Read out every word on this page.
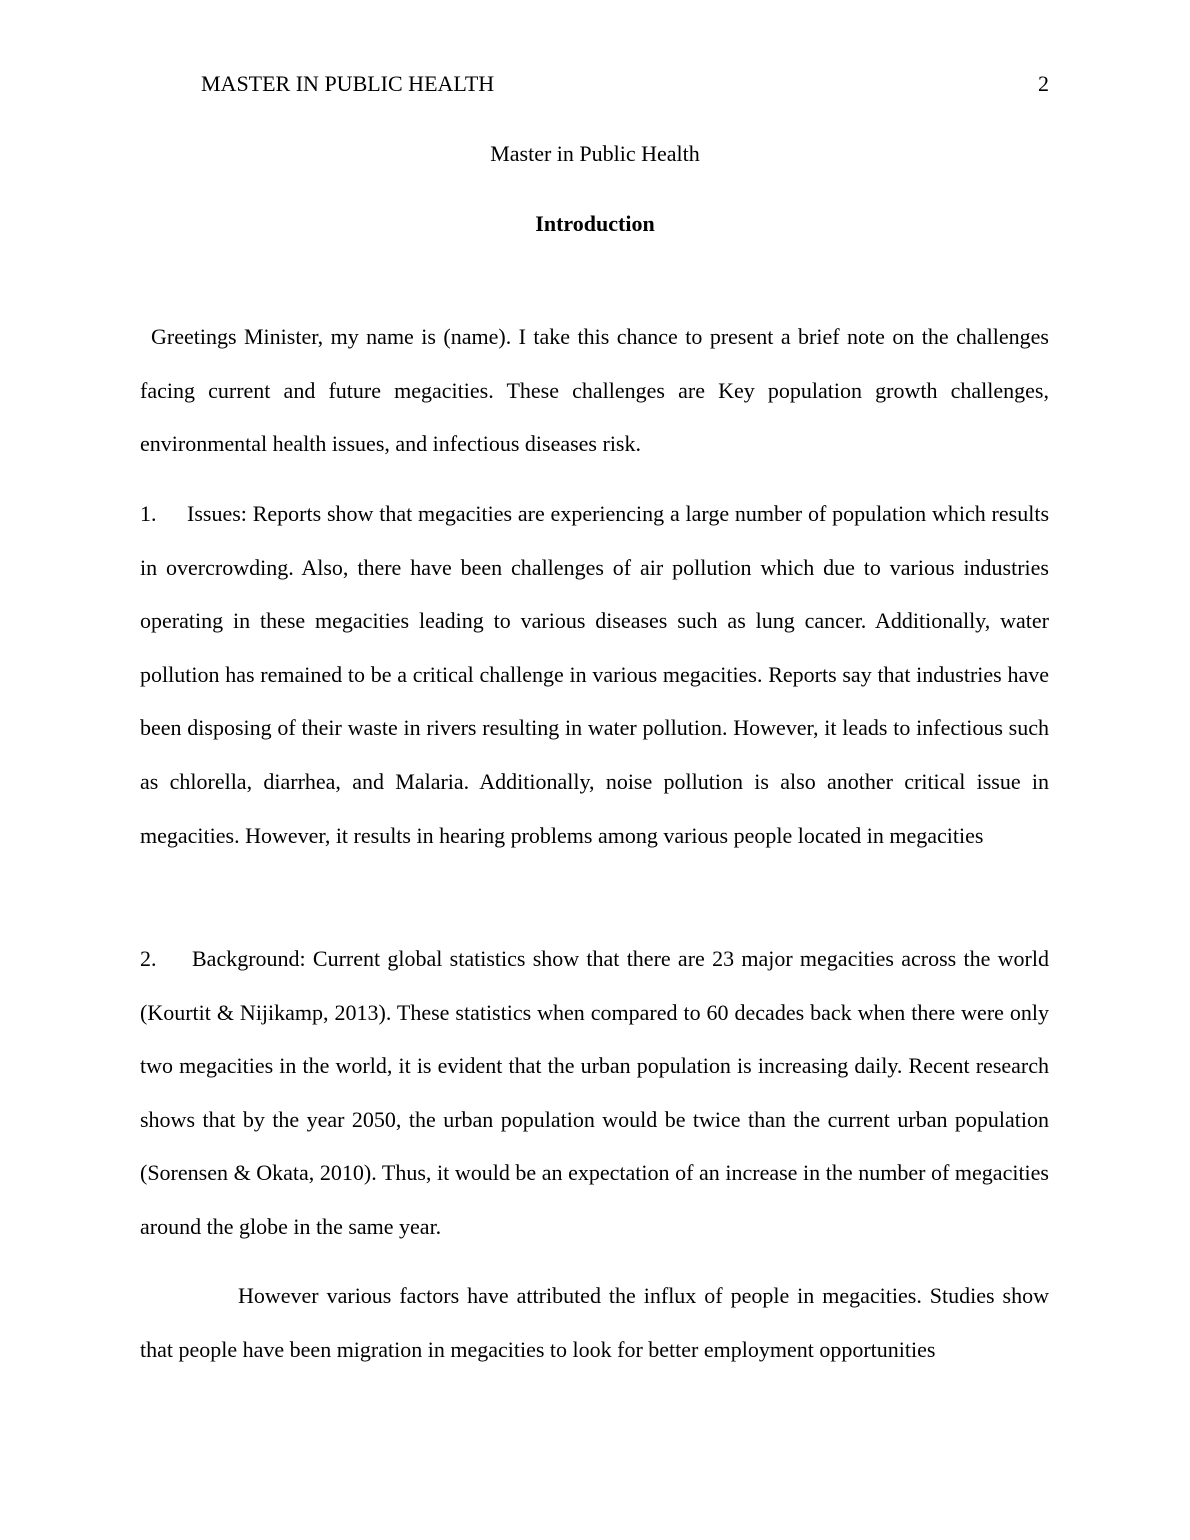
MASTER IN PUBLIC HEALTH	2
Master in Public Health
Introduction

Greetings Minister, my name is (name). I take this chance to present a brief note on the challenges facing current and future megacities. These challenges are Key population growth challenges, environmental health issues, and infectious diseases risk.

1. Issues: Reports show that megacities are experiencing a large number of population which results in overcrowding. Also, there have been challenges of air pollution which due to various industries operating in these megacities leading to various diseases such as lung cancer. Additionally, water pollution has remained to be a critical challenge in various megacities. Reports say that industries have been disposing of their waste in rivers resulting in water pollution. However, it leads to infectious such as chlorella, diarrhea, and Malaria. Additionally, noise pollution is also another critical issue in megacities. However, it results in hearing problems among various people located in megacities

2. Background: Current global statistics show that there are 23 major megacities across the world (Kourtit & Nijikamp, 2013). These statistics when compared to 60 decades back when there were only two megacities in the world, it is evident that the urban population is increasing daily. Recent research shows that by the year 2050, the urban population would be twice than the current urban population (Sorensen & Okata, 2010). Thus, it would be an expectation of an increase in the number of megacities around the globe in the same year.

However various factors have attributed the influx of people in megacities. Studies show that people have been migration in megacities to look for better employment opportunities
